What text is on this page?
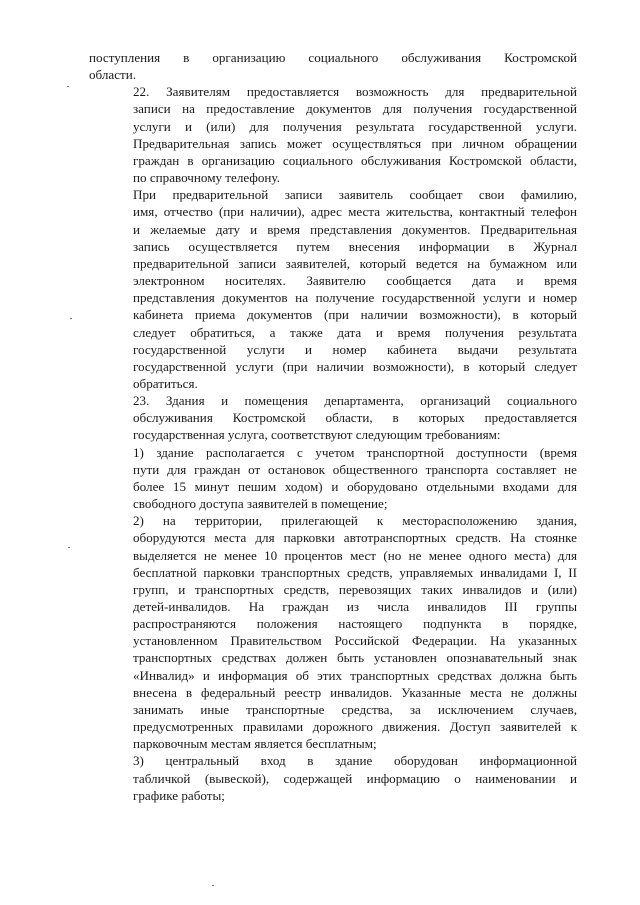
поступления в организацию социального обслуживания Костромской
области.

22. Заявителям предоставляется возможность для предварительной
записи на предоставление документов для получения государственной
услуги и (или) для получения результата государственной услуги.
Предварительная запись может осуществляться при личном обращении
граждан в организацию социального обслуживания Костромской области,
по справочному телефону.

При предварительной записи заявитель сообщает свои фамилию,
имя, отчество (при наличии), адрес места жительства, контактный телефон
и желаемые дату и время представления документов. Предварительная
запись осуществляется путем внесения информации в Журнал
предварительной записи заявителей, который ведется на бумажном или
электронном носителях. Заявителю сообщается дата и время
представления документов на получение государственной услуги и номер
кабинета приема документов (при наличии возможности), в который
следует обратиться, а также дата и время получения результата
государственной услуги и номер кабинета выдачи результата
государственной услуги (при наличии возможности), в который следует
обратиться.

23. Здания и помещения департамента, организаций социального
обслуживания Костромской области, в которых предоставляется
государственная услуга, соответствуют следующим требованиям:

1) здание располагается с учетом транспортной доступности (время
пути для граждан от остановок общественного транспорта составляет не
более 15 минут пешим ходом) и оборудовано отдельными входами для
свободного доступа заявителей в помещение;

2) на территории, прилегающей к месторасположению здания,
оборудуются места для парковки автотранспортных средств. На стоянке
выделяется не менее 10 процентов мест (но не менее одного места) для
бесплатной парковки транспортных средств, управляемых инвалидами I, II
групп, и транспортных средств, перевозящих таких инвалидов и (или)
детей-инвалидов. На граждан из числа инвалидов III группы
распространяются положения настоящего подпункта в порядке,
установленном Правительством Российской Федерации. На указанных
транспортных средствах должен быть установлен опознавательный знак
«Инвалид» и информация об этих транспортных средствах должна быть
внесена в федеральный реестр инвалидов. Указанные места не должны
занимать иные транспортные средства, за исключением случаев,
предусмотренных правилами дорожного движения. Доступ заявителей к
парковочным местам является бесплатным;

3) центральный вход в здание оборудован информационной
табличкой (вывеской), содержащей информацию о наименовании и
графике работы;
